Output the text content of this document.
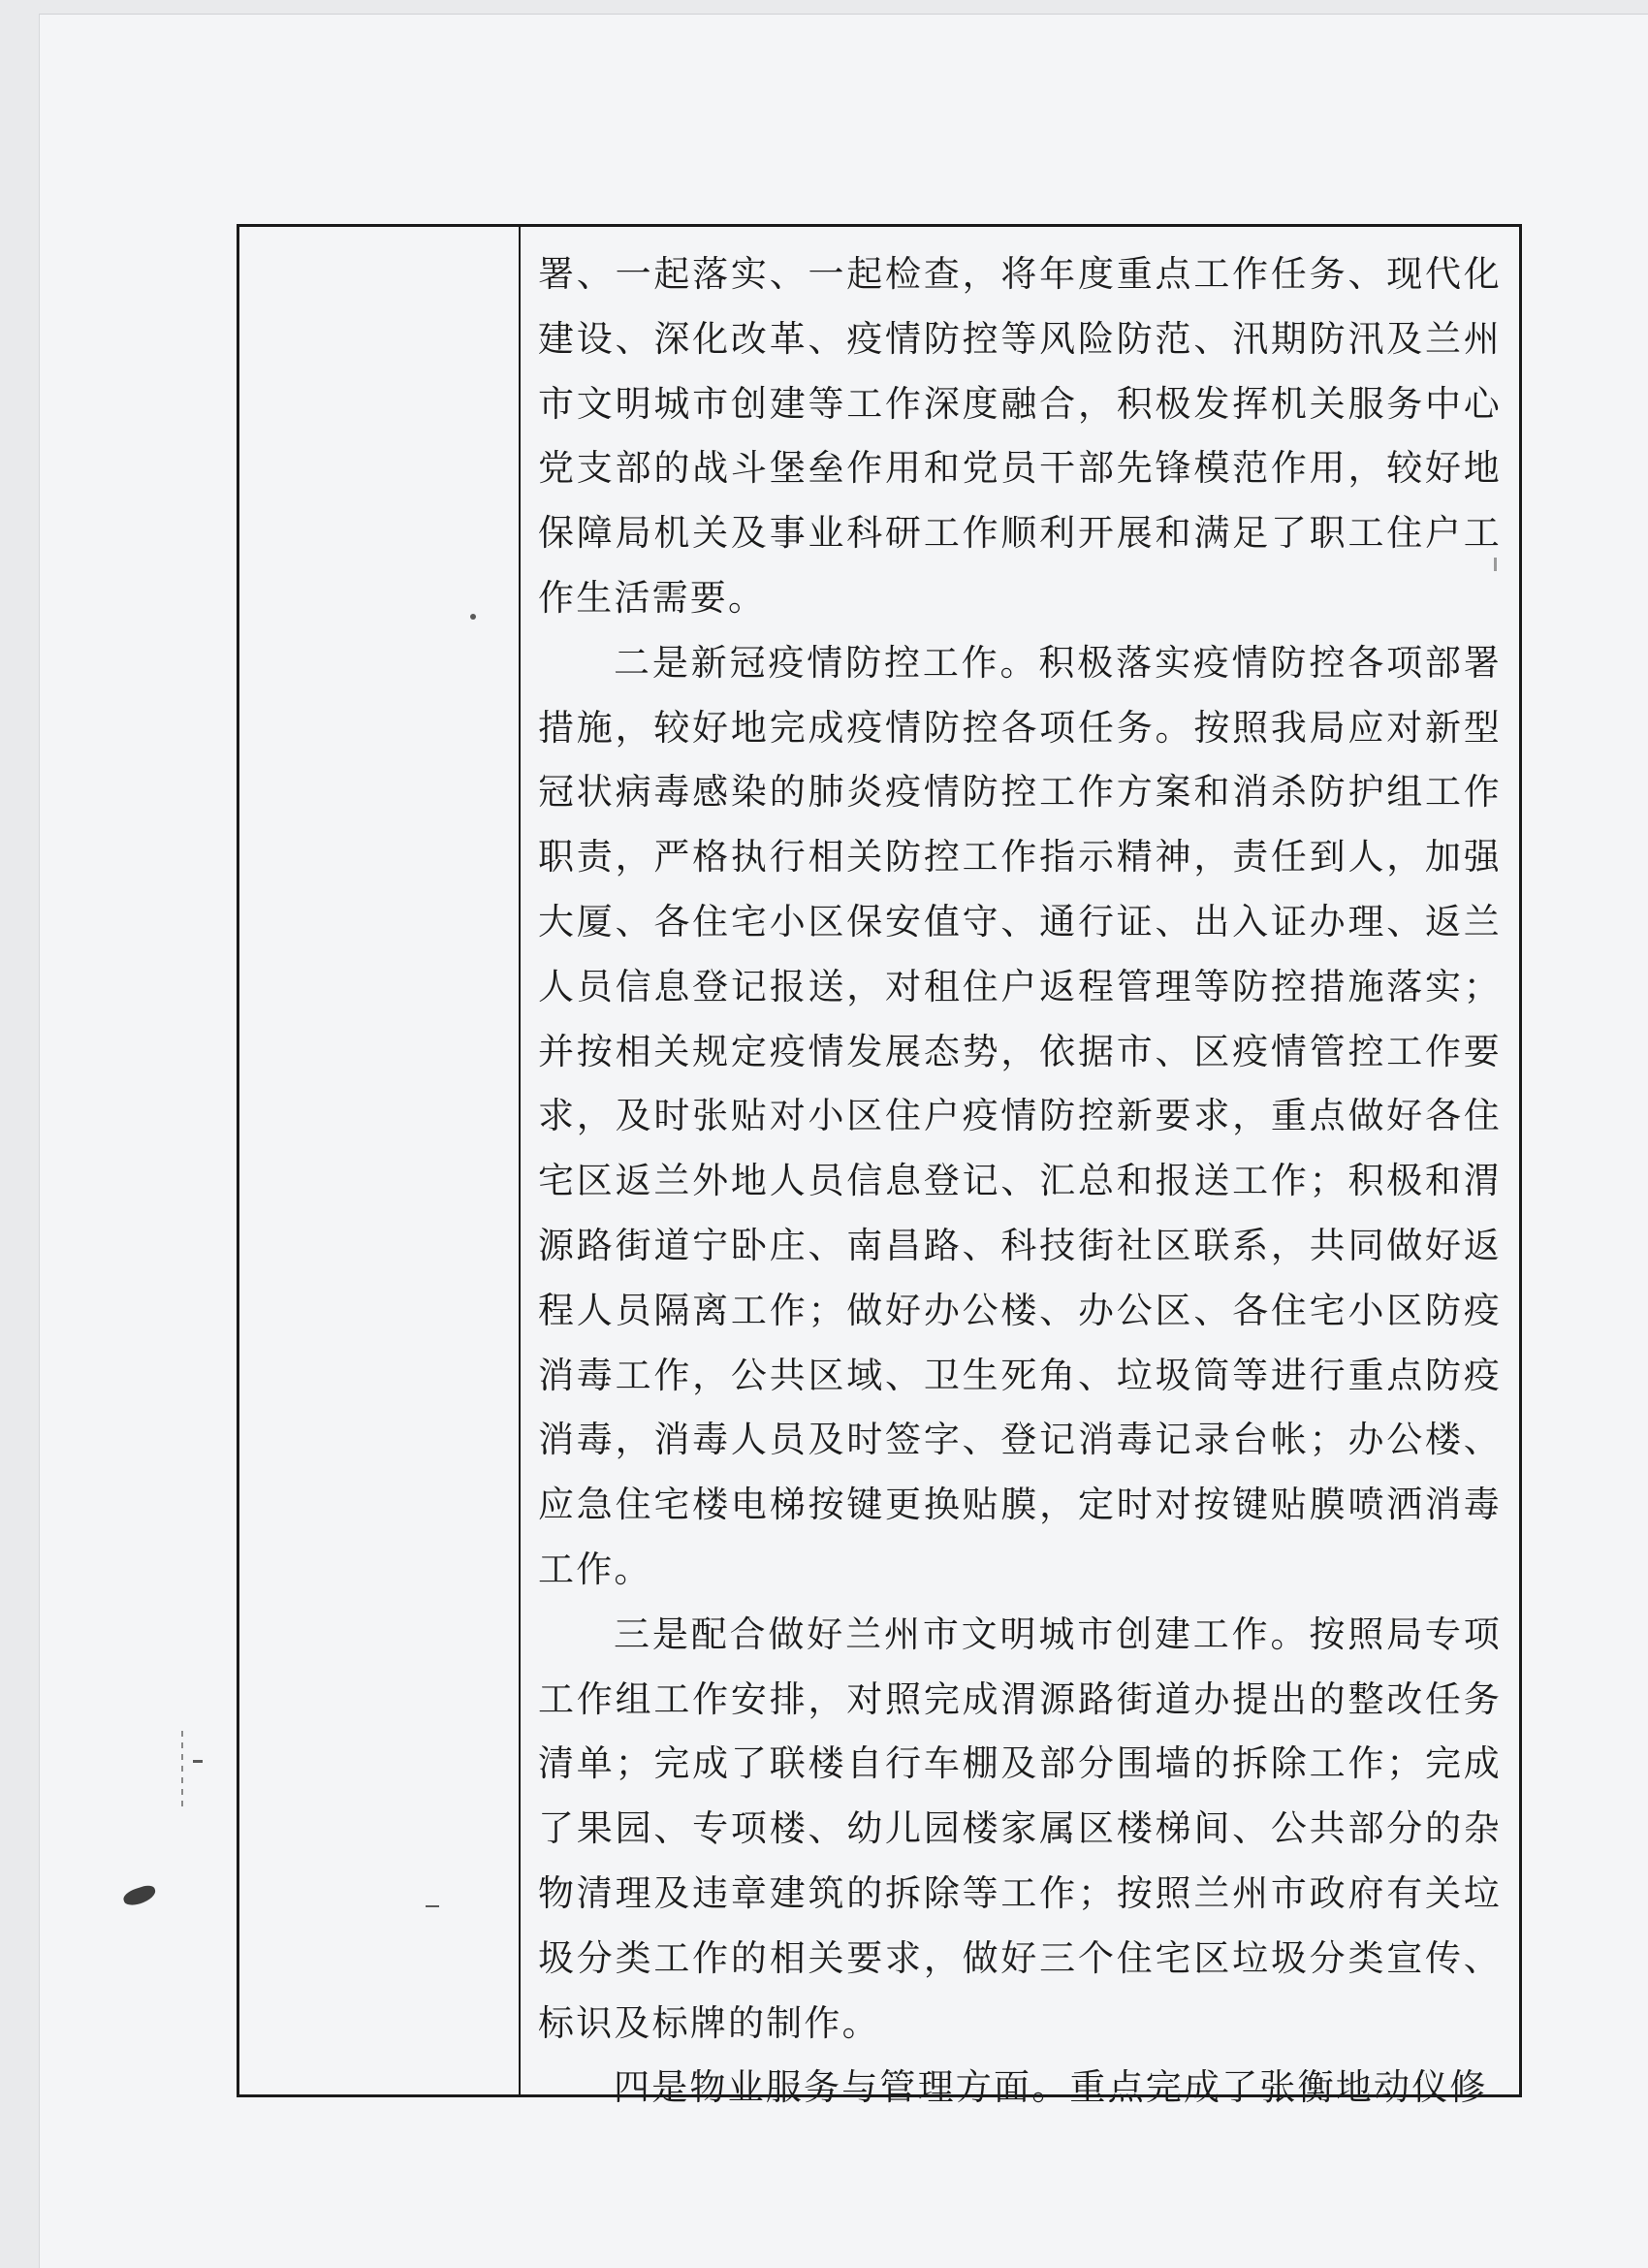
署、一起落实、一起检查，将年度重点工作任务、现代化建设、深化改革、疫情防控等风险防范、汛期防汛及兰州市文明城市创建等工作深度融合，积极发挥机关服务中心党支部的战斗堡垒作用和党员干部先锋模范作用，较好地保障局机关及事业科研工作顺利开展和满足了职工住户工作生活需要。

二是新冠疫情防控工作。积极落实疫情防控各项部署措施，较好地完成疫情防控各项任务。按照我局应对新型冠状病毒感染的肺炎疫情防控工作方案和消杀防护组工作职责，严格执行相关防控工作指示精神，责任到人，加强大厦、各住宅小区保安值守、通行证、出入证办理、返兰人员信息登记报送，对租住户返程管理等防控措施落实；并按相关规定疫情发展态势，依据市、区疫情管控工作要求，及时张贴对小区住户疫情防控新要求，重点做好各住宅区返兰外地人员信息登记、汇总和报送工作；积极和渭源路街道宁卧庄、南昌路、科技街社区联系，共同做好返程人员隔离工作；做好办公楼、办公区、各住宅小区防疫消毒工作，公共区域、卫生死角、垃圾筒等进行重点防疫消毒，消毒人员及时签字、登记消毒记录台帐；办公楼、应急住宅楼电梯按键更换贴膜，定时对按键贴膜喷洒消毒工作。

三是配合做好兰州市文明城市创建工作。按照局专项工作组工作安排，对照完成渭源路街道办提出的整改任务清单；完成了联楼自行车棚及部分围墙的拆除工作；完成了果园、专项楼、幼儿园楼家属区楼梯间、公共部分的杂物清理及违章建筑的拆除等工作；按照兰州市政府有关垃圾分类工作的相关要求，做好三个住宅区垃圾分类宣传、标识及标牌的制作。

四是物业服务与管理方面。重点完成了张衡地动仪修
